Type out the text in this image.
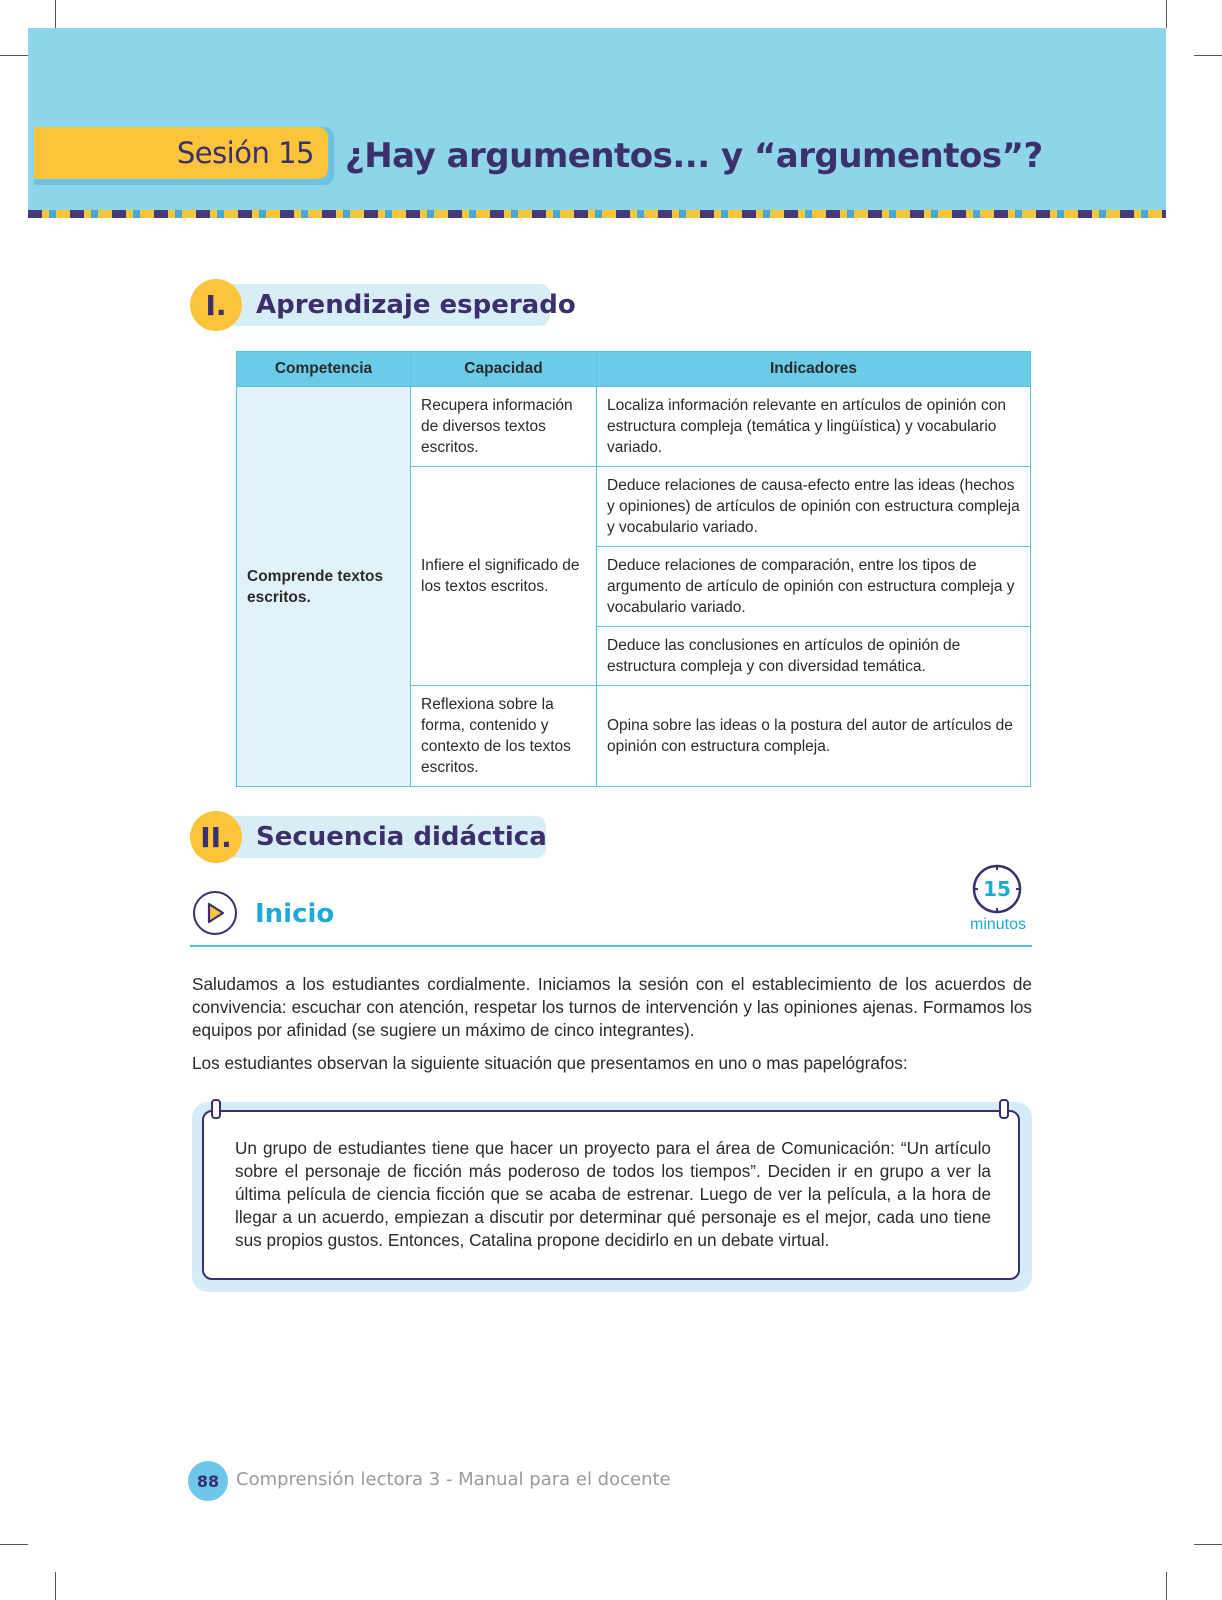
Sesión 15 ¿Hay argumentos... y “argumentos”?
Aprendizaje esperado
I.
Competencia	Capacidad	Indicadores
Comprende textos escritos.	Recupera información de diversos textos escritos.	Localiza información relevante en artículos de opinión con estructura compleja (temática y lingüística) y vocabulario variado.
	Infiere el significado de los textos escritos.	Deduce relaciones de causa-efecto entre las ideas (hechos y opiniones) de artículos de opinión con estructura compleja y vocabulario variado.
		Deduce relaciones de comparación, entre los tipos de argumento de artículo de opinión con estructura compleja y vocabulario variado.
		Deduce las conclusiones en artículos de opinión de estructura compleja y con diversidad temática.
	Reflexiona sobre la forma, contenido y contexto de los textos escritos.	Opina sobre las ideas o la postura del autor de artículos de opinión con estructura compleja.
Secuencia didáctica
II.
Inicio
15
minutos
Saludamos a los estudiantes cordialmente. Iniciamos la sesión con el establecimiento de los acuerdos de convivencia: escuchar con atención, respetar los turnos de intervención y las opiniones ajenas. Formamos los equipos por afinidad (se sugiere un máximo de cinco integrantes).
Los estudiantes observan la siguiente situación que presentamos en uno o mas papelógrafos:
Un grupo de estudiantes tiene que hacer un proyecto para el área de Comunicación: “Un artículo sobre el personaje de ficción más poderoso de todos los tiempos”. Deciden ir en grupo a ver la última película de ciencia ficción que se acaba de estrenar. Luego de ver la película, a la hora de llegar a un acuerdo, empiezan a discutir por determinar qué personaje es el mejor, cada uno tiene sus propios gustos. Entonces, Catalina propone decidirlo en un debate virtual.
88 Comprensión lectora 3 - Manual para el docente
